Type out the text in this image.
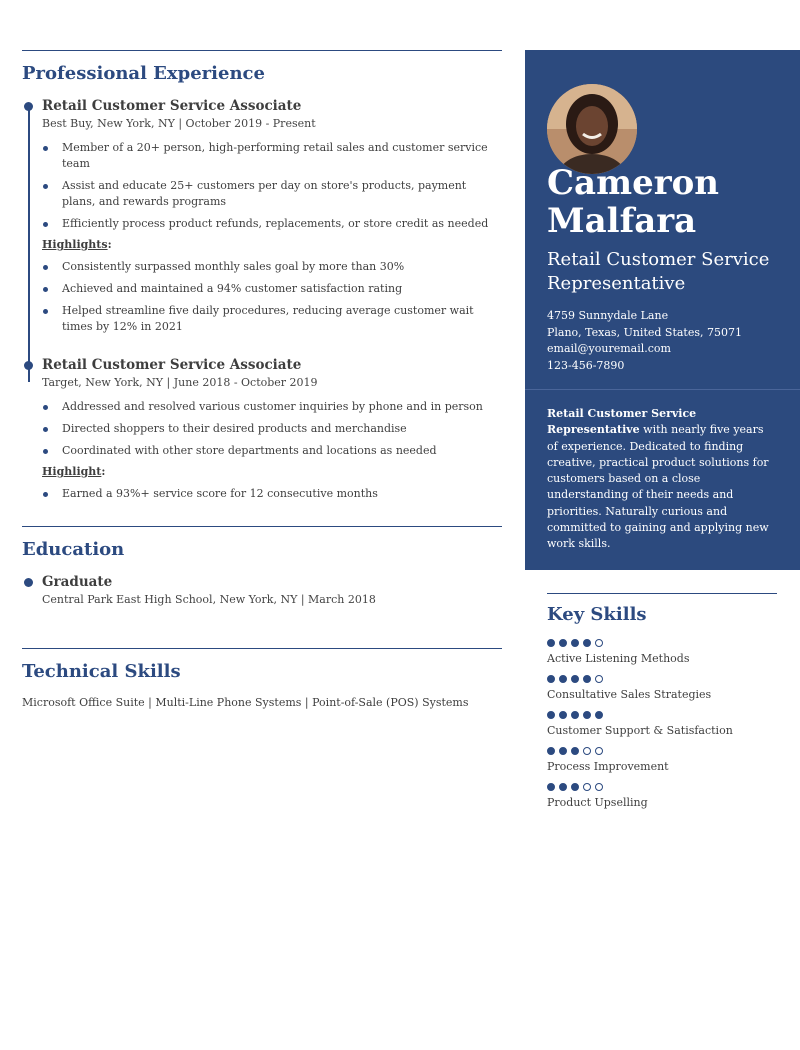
Professional Experience
Retail Customer Service Associate
Best Buy, New York, NY | October 2019 - Present
Member of a 20+ person, high-performing retail sales and customer service team
Assist and educate 25+ customers per day on store's products, payment plans, and rewards programs
Efficiently process product refunds, replacements, or store credit as needed
Highlights:
Consistently surpassed monthly sales goal by more than 30%
Achieved and maintained a 94% customer satisfaction rating
Helped streamline five daily procedures, reducing average customer wait times by 12% in 2021
Retail Customer Service Associate
Target, New York, NY | June 2018 - October 2019
Addressed and resolved various customer inquiries by phone and in person
Directed shoppers to their desired products and merchandise
Coordinated with other store departments and locations as needed
Highlight:
Earned a 93%+ service score for 12 consecutive months
Education
Graduate
Central Park East High School, New York, NY | March 2018
Technical Skills
Microsoft Office Suite | Multi-Line Phone Systems | Point-of-Sale (POS) Systems
Cameron
Malfara
Retail Customer Service Representative
4759 Sunnydale Lane
Plano, Texas, United States, 75071
email@youremail.com
123-456-7890
Retail Customer Service Representative with nearly five years of experience. Dedicated to finding creative, practical product solutions for customers based on a close understanding of their needs and priorities. Naturally curious and committed to gaining and applying new work skills.
Key Skills
Active Listening Methods
Consultative Sales Strategies
Customer Support & Satisfaction
Process Improvement
Product Upselling
